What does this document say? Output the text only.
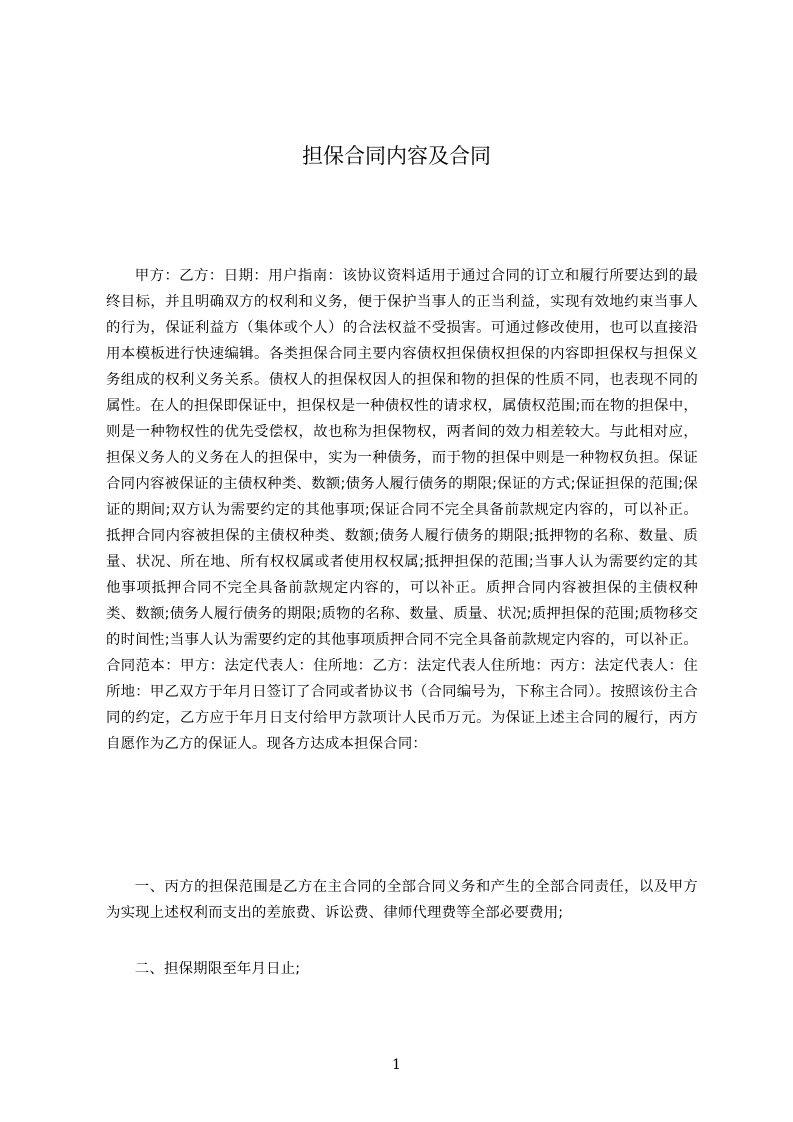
担保合同内容及合同

甲方：乙方：日期：用户指南：该协议资料适用于通过合同的订立和履行所要达到的最终目标，并且明确双方的权利和义务，便于保护当事人的正当利益，实现有效地约束当事人的行为，保证利益方（集体或个人）的合法权益不受损害。可通过修改使用，也可以直接沿用本模板进行快速编辑。各类担保合同主要内容债权担保债权担保的内容即担保权与担保义务组成的权利义务关系。债权人的担保权因人的担保和物的担保的性质不同，也表现不同的属性。在人的担保即保证中，担保权是一种债权性的请求权，属债权范围;而在物的担保中，则是一种物权性的优先受偿权，故也称为担保物权，两者间的效力相差较大。与此相对应，担保义务人的义务在人的担保中，实为一种债务，而于物的担保中则是一种物权负担。保证合同内容被保证的主债权种类、数额;债务人履行债务的期限;保证的方式;保证担保的范围;保证的期间;双方认为需要约定的其他事项;保证合同不完全具备前款规定内容的，可以补正。抵押合同内容被担保的主债权种类、数额;债务人履行债务的期限;抵押物的名称、数量、质量、状况、所在地、所有权权属或者使用权权属;抵押担保的范围;当事人认为需要约定的其他事项抵押合同不完全具备前款规定内容的，可以补正。质押合同内容被担保的主债权种类、数额;债务人履行债务的期限;质物的名称、数量、质量、状况;质押担保的范围;质物移交的时间性;当事人认为需要约定的其他事项质押合同不完全具备前款规定内容的，可以补正。合同范本：甲方：法定代表人：住所地：乙方：法定代表人住所地：丙方：法定代表人：住所地：甲乙双方于年月日签订了合同或者协议书（合同编号为，下称主合同）。按照该份主合同的约定，乙方应于年月日支付给甲方款项计人民币万元。为保证上述主合同的履行，丙方自愿作为乙方的保证人。现各方达成本担保合同：

一、丙方的担保范围是乙方在主合同的全部合同义务和产生的全部合同责任，以及甲方为实现上述权利而支出的差旅费、诉讼费、律师代理费等全部必要费用;

二、担保期限至年月日止;

1
